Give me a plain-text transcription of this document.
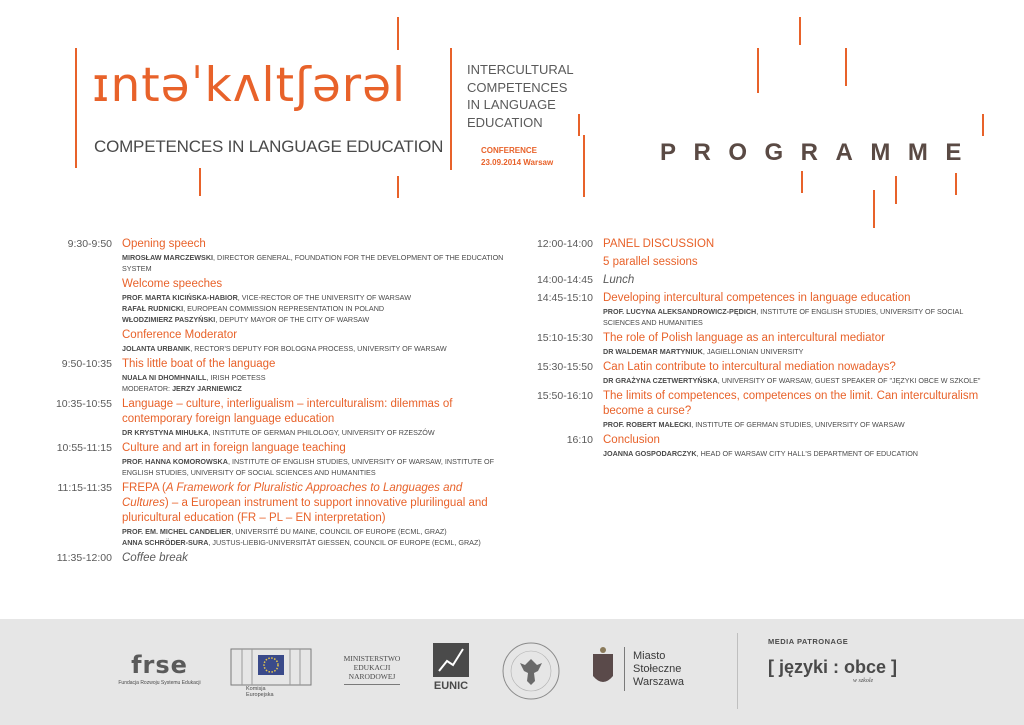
ɪntəˈkʌltʃərəl
COMPETENCES IN LANGUAGE EDUCATION
INTERCULTURAL
COMPETENCES
IN LANGUAGE
EDUCATION
CONFERENCE
23.09.2014 Warsaw	PROGRAMME
9:30-9:50 Opening speech
MIROSŁAW MARCZEWSKI, DIRECTOR GENERAL, FOUNDATION FOR THE DEVELOPMENT OF THE EDUCATION SYSTEM
Welcome speeches
PROF. MARTA KICIŃSKA-HABIOR, VICE-RECTOR OF THE UNIVERSITY OF WARSAW
RAFAŁ RUDNICKI, EUROPEAN COMMISSION REPRESENTATION IN POLAND
WŁODZIMIERZ PASZYŃSKI, DEPUTY MAYOR OF THE CITY OF WARSAW
Conference Moderator
JOLANTA URBANIK, RECTOR'S DEPUTY FOR BOLOGNA PROCESS, UNIVERSITY OF WARSAW
9:50-10:35 This little boat of the language
NUALA NI DHOMHNAILL, IRISH POETESS
MODERATOR: JERZY JARNIEWICZ
10:35-10:55 Language – culture, interligualism – interculturalism: dilemmas of contemporary foreign language education
DR KRYSTYNA MIHUŁKA, INSTITUTE OF GERMAN PHILOLOGY, UNIVERSITY OF RZESZÓW
10:55-11:15 Culture and art in foreign language teaching
PROF. HANNA KOMOROWSKA, INSTITUTE OF ENGLISH STUDIES, UNIVERSITY OF WARSAW, INSTITUTE OF ENGLISH STUDIES, UNIVERSITY OF SOCIAL SCIENCES AND HUMANITIES
11:15-11:35 FREPA (A Framework for Pluralistic Approaches to Languages and Cultures) – a European instrument to support innovative plurilingual and pluricultural education (FR – PL – EN interpretation)
PROF. EM. MICHEL CANDELIER, UNIVERSITÉ DU MAINE, COUNCIL OF EUROPE (ECML, GRAZ)
ANNA SCHRÖDER-SURA, JUSTUS-LIEBIG-UNIVERSITÄT GIESSEN, COUNCIL OF EUROPE (ECML, GRAZ)
11:35-12:00 Coffee break
12:00-14:00 PANEL DISCUSSION
5 parallel sessions
14:00-14:45 Lunch
14:45-15:10 Developing intercultural competences in language education
PROF. LUCYNA ALEKSANDROWICZ-PĘDICH, INSTITUTE OF ENGLISH STUDIES, UNIVERSITY OF SOCIAL SCIENCES AND HUMANITIES
15:10-15:30 The role of Polish language as an intercultural mediator
DR WALDEMAR MARTYNIUK, JAGIELLONIAN UNIVERSITY
15:30-15:50 Can Latin contribute to intercultural mediation nowadays?
DR GRAŻYNA CZETWERTYŃSKA, UNIVERSITY OF WARSAW, GUEST SPEAKER OF "JĘZYKI OBCE W SZKOLE"
15:50-16:10 The limits of competences, competences on the limit. Can interculturalism become a curse?
PROF. ROBERT MAŁECKI, INSTITUTE OF GERMAN STUDIES, UNIVERSITY OF WARSAW
16:10 Conclusion
JOANNA GOSPODARCZYK, HEAD OF WARSAW CITY HALL'S DEPARTMENT OF EDUCATION
frse
Fundacja Rozwoju Systemu Edukacji
Komisja
Europejska
MINISTERSTWO
EDUKACJI
NARODOWEJ
EUNIC
Miasto
Stołeczne
Warszawa
MEDIA PATRONAGE
[ języki : obce ]
w szkole
